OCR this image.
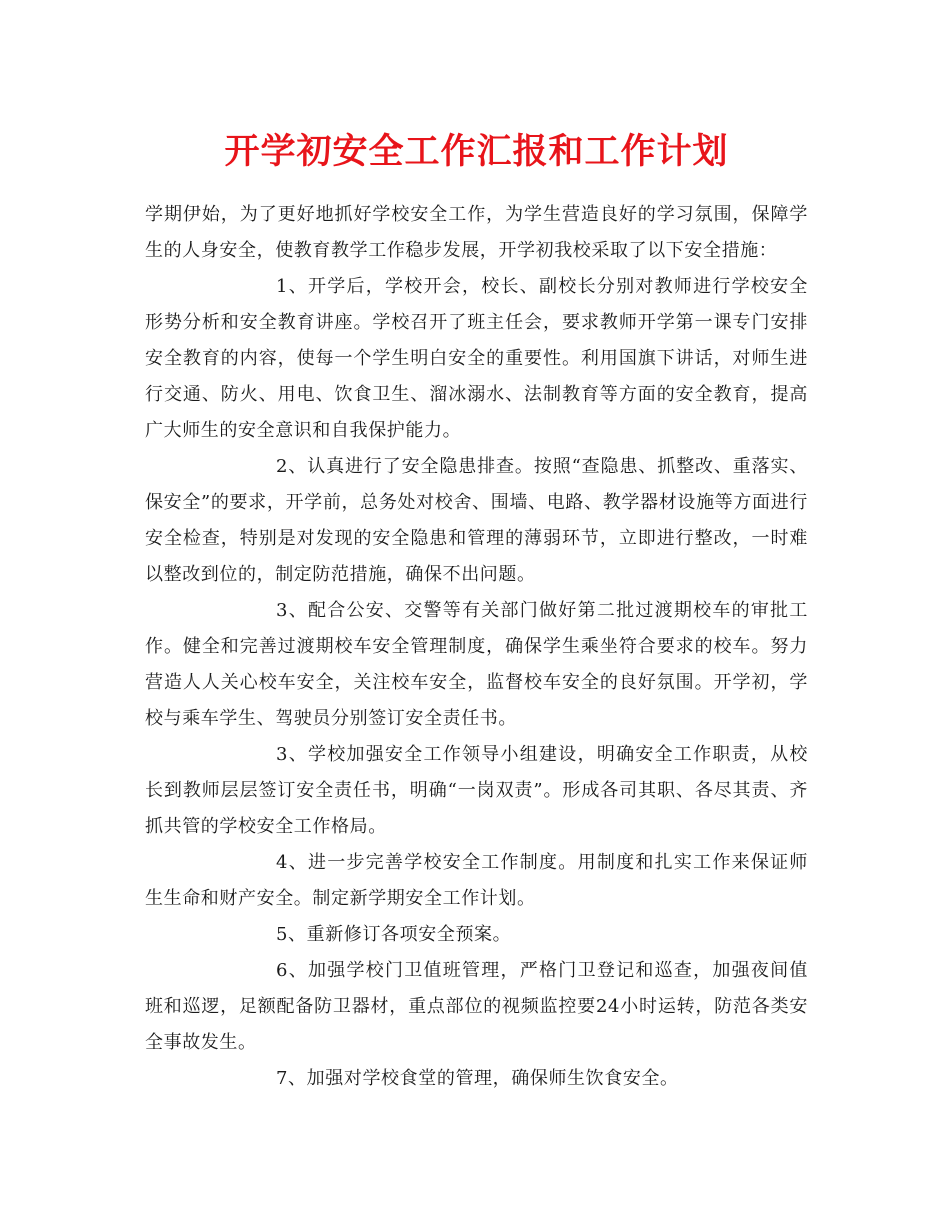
开学初安全工作汇报和工作计划

学期伊始，为了更好地抓好学校安全工作，为学生营造良好的学习氛围，保障学生的人身安全，使教育教学工作稳步发展，开学初我校采取了以下安全措施：

1、开学后，学校开会，校长、副校长分别对教师进行学校安全形势分析和安全教育讲座。学校召开了班主任会，要求教师开学第一课专门安排安全教育的内容，使每一个学生明白安全的重要性。利用国旗下讲话，对师生进行交通、防火、用电、饮食卫生、溜冰溺水、法制教育等方面的安全教育，提高广大师生的安全意识和自我保护能力。

2、认真进行了安全隐患排查。按照“查隐患、抓整改、重落实、保安全”的要求，开学前，总务处对校舍、围墙、电路、教学器材设施等方面进行安全检查，特别是对发现的安全隐患和管理的薄弱环节，立即进行整改，一时难以整改到位的，制定防范措施，确保不出问题。

3、配合公安、交警等有关部门做好第二批过渡期校车的审批工作。健全和完善过渡期校车安全管理制度，确保学生乘坐符合要求的校车。努力营造人人关心校车安全，关注校车安全，监督校车安全的良好氛围。开学初，学校与乘车学生、驾驶员分别签订安全责任书。

3、学校加强安全工作领导小组建设，明确安全工作职责，从校长到教师层层签订安全责任书，明确“一岗双责”。形成各司其职、各尽其责、齐抓共管的学校安全工作格局。

4、进一步完善学校安全工作制度。用制度和扎实工作来保证师生生命和财产安全。制定新学期安全工作计划。

5、重新修订各项安全预案。

6、加强学校门卫值班管理，严格门卫登记和巡查，加强夜间值班和巡逻，足额配备防卫器材，重点部位的视频监控要24小时运转，防范各类安全事故发生。

7、加强对学校食堂的管理，确保师生饮食安全。
